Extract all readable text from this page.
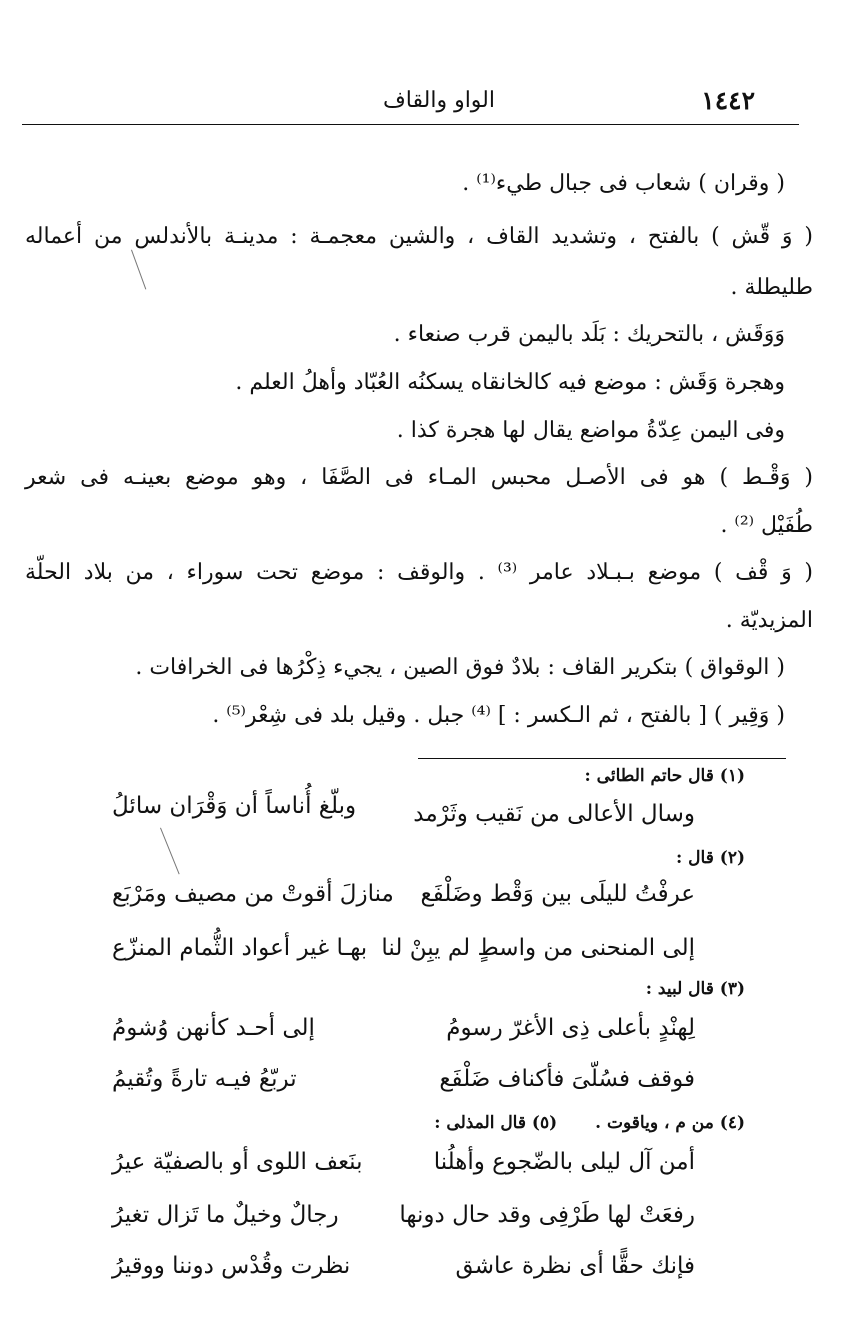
١٤٤٢
الواو والقاف
( وقران ) شعاب فى جبال طيء⁽¹⁾ .
( وَ قّش ) بالفتح ، وتشديد القاف ، والشين معجمـة : مدينـة بالأندلس من أعماله
طليطلة .
وَوَقَش ، بالتحريك : بَلَد باليمن قرب صنعاء .
وهجرة وَقَش : موضع فيه كالخانقاه يسكنُه العُبّاد وأهلُ العلم .
وفى اليمن عِدّةُ مواضع يقال لها هجرة كذا .
( وَقْـط ) هو فى الأصـل محبس المـاء فى الصَّفَا ، وهو موضع بعينـه فى شعر
طُفَيْل ⁽²⁾ .
( وَ قْف ) موضع بـبـلاد عامر ⁽³⁾ . والوقف : موضع تحت سوراء ، من بلاد الحلّة
المزيديّة .
( الوقواق ) بتكرير القاف : بلادٌ فوق الصين ، يجيء ذِكْرُها فى الخرافات .
( وَقِير ) [ بالفتح ، ثم الـكسر : ] ⁽⁴⁾ جبل . وقيل بلد فى شِعْر⁽⁵⁾ .
(١) قال حاتم الطائى :
وسال الأعالى من نَقيب وثَرْمد
وبلّغ أُناساً أن وَقْرَان سائلُ
(٢) قال :
عرفْتُ لليلَى بين وَقْط وضَلْفَع
منازلَ أقوتْ من مصيف ومَرْبَع
إلى المنحنى من واسطٍ لم يبِنْ لنا
بهـا غير أعواد الثُّمام المنزّع
(٣) قال لبيد :
لِهنْدٍ بأعلى ذِى الأغرّ رسومُ
إلى أحـد كأنهن وُشومُ
فوقف فسُلّىَ فأكناف ضَلْفَع
تربّعُ فيـه تارةً وتُقيمُ
(٤) من م ، وياقوت .(٥) قال المذلى :
أمن آل ليلى بالضّجوع وأهلُنا
بنَعف اللوى أو بالصفيّة عيرُ
رفعَتْ لها طَرْفِى وقد حال دونها
رجالٌ وخيلٌ ما تَزال تغيرُ
فإنك حقًّا أى نظرة عاشق
نظرت وقُدْس دوننا ووقيرُ
